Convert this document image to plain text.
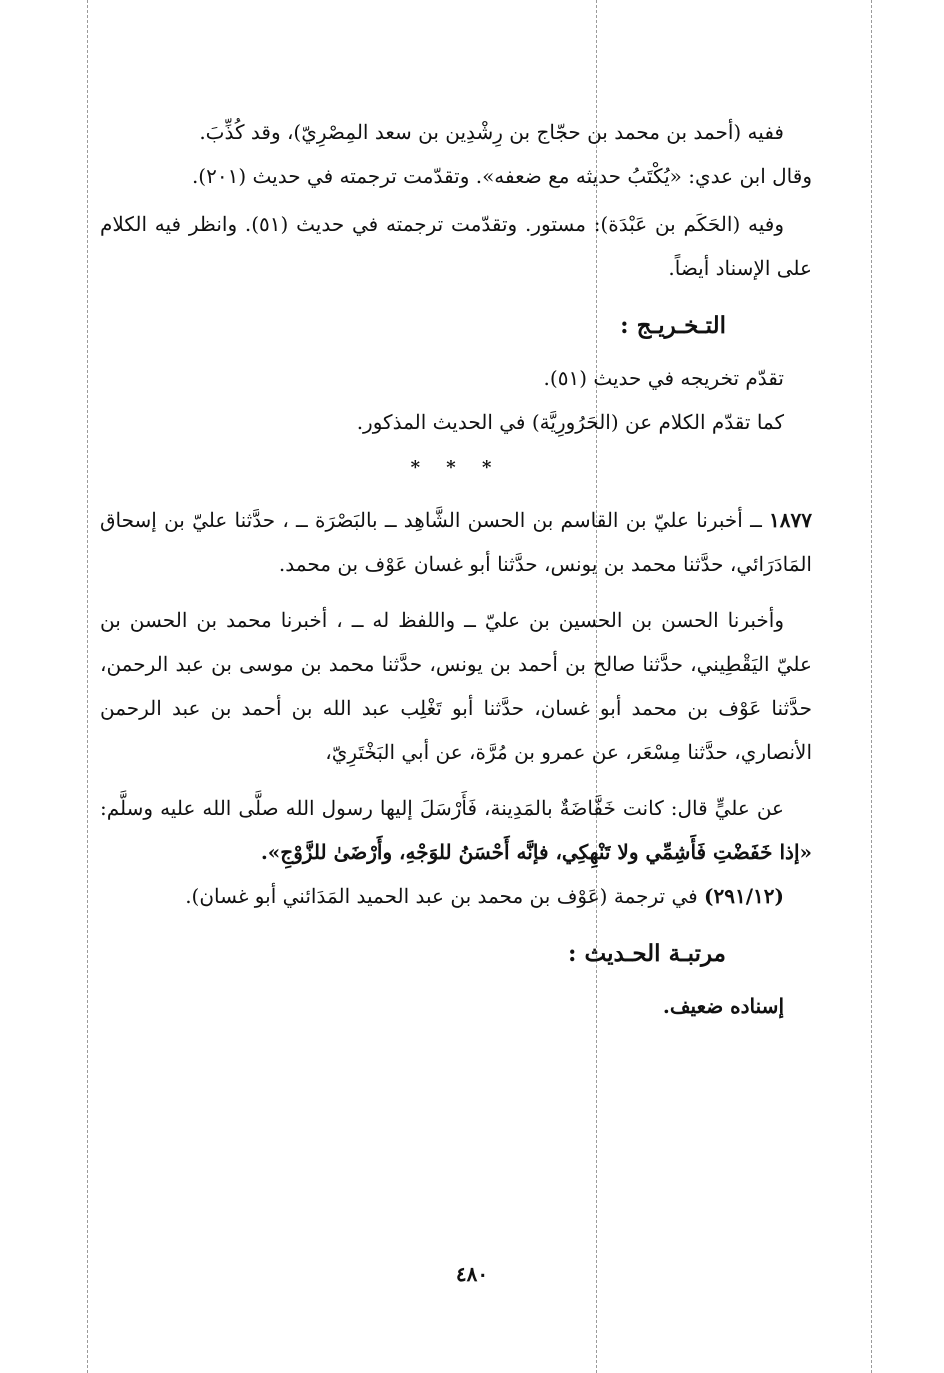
ففيه (أحمد بن محمد بن حجّاج بن رِشْدِين بن سعد المِصْرِيّ)، وقد كُذِّبَ.

وقال ابن عدي: «يُكْتَبُ حديثه مع ضعفه». وتقدّمت ترجمته في حديث (٢٠١).

وفيه (الحَكَم بن عَبْدَة): مستور. وتقدّمت ترجمته في حديث (٥١). وانظر فيه الكلام على الإسناد أيضاً.

التـخـريـج :

تقدّم تخريجه في حديث (٥١).

كما تقدّم الكلام عن (الحَرُورِيَّة) في الحديث المذكور.

* * *

١٨٧٧ ــ أخبرنا عليّ بن القاسم بن الحسن الشَّاهِد ــ بالبَصْرَة ــ ، حدَّثنا عليّ بن إسحاق المَادَرَائي، حدَّثنا محمد بن يونس، حدَّثنا أبو غسان عَوْف بن محمد.

وأخبرنا الحسن بن الحسين بن عليّ ــ واللفظ له ــ ، أخبرنا محمد بن الحسن بن عليّ اليَقْطِيني، حدَّثنا صالح بن أحمد بن يونس، حدَّثنا محمد بن موسى بن عبد الرحمن، حدَّثنا عَوْف بن محمد أبو غسان، حدَّثنا أبو تَغْلِب عبد الله بن أحمد بن عبد الرحمن الأنصاري، حدَّثنا مِسْعَر، عن عمرو بن مُرَّة، عن أبي البَخْتَرِيّ،

عن عليٍّ قال: كانت خَفَّاضَةٌ بالمَدِينة، فَأَرْسَلَ إليها رسول الله صلَّى الله عليه وسلَّم: «إذا خَفَضْتِ فَأَشِمِّي ولا تَنْهِكِي، فإنَّه أَحْسَنُ للوَجْهِ، وأَرْضَىٰ للزَّوْجِ».

(٢٩١/١٢) في ترجمة (عَوْف بن محمد بن عبد الحميد المَدَائني أبو غسان).

مرتبـة الحـديث :

إسناده ضعيف.

٤٨٠
